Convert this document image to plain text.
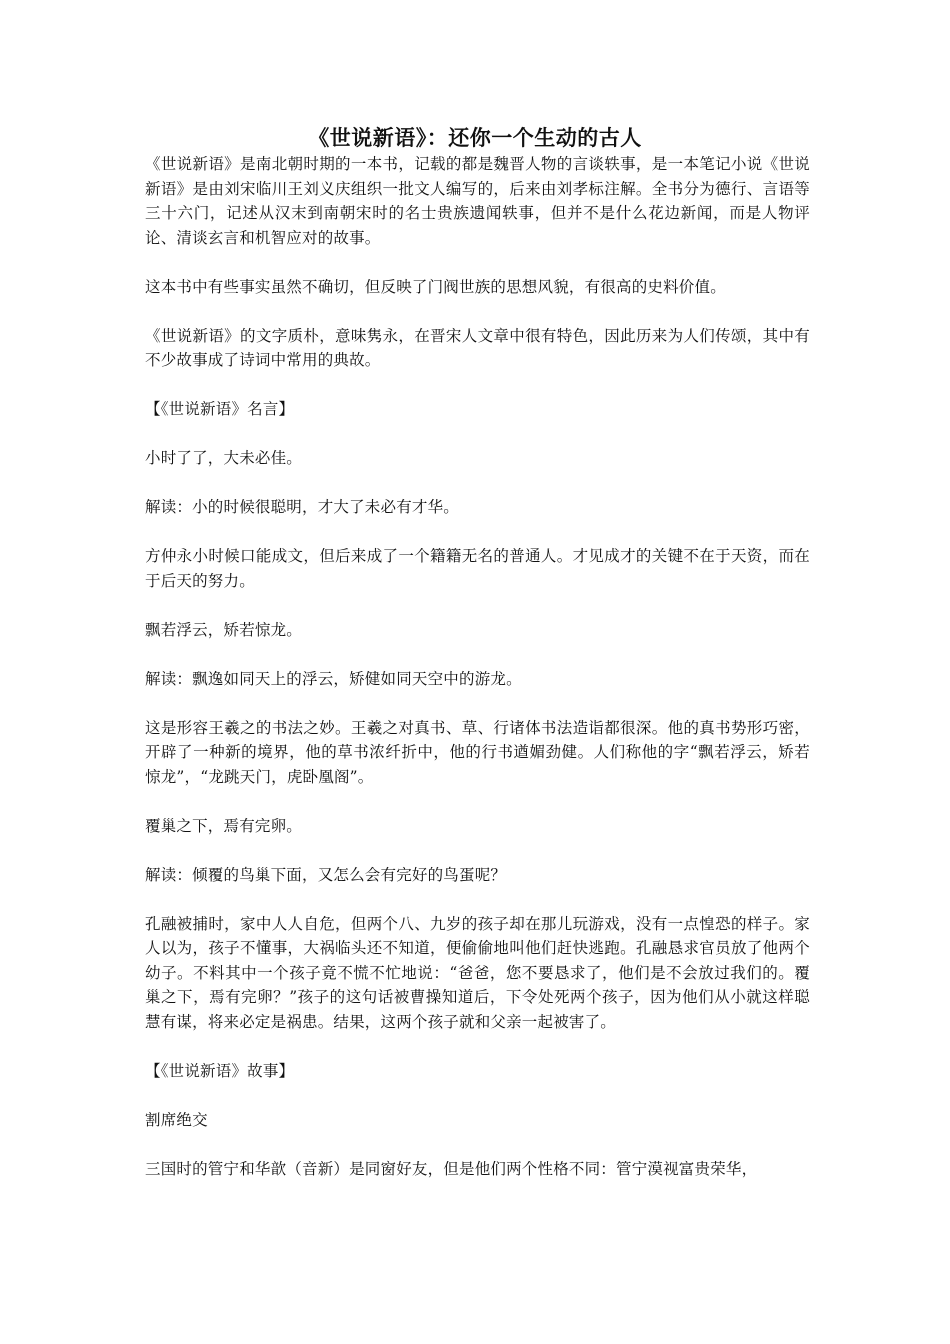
《世说新语》：还你一个生动的古人

《世说新语》是南北朝时期的一本书，记载的都是魏晋人物的言谈轶事，是一本笔记小说《世说新语》是由刘宋临川王刘义庆组织一批文人编写的，后来由刘孝标注解。全书分为德行、言语等三十六门，记述从汉末到南朝宋时的名士贵族遗闻轶事，但并不是什么花边新闻，而是人物评论、清谈玄言和机智应对的故事。

这本书中有些事实虽然不确切，但反映了门阀世族的思想风貌，有很高的史料价值。

《世说新语》的文字质朴，意味隽永，在晋宋人文章中很有特色，因此历来为人们传颂，其中有不少故事成了诗词中常用的典故。

【《世说新语》名言】

小时了了，大未必佳。

解读：小的时候很聪明，才大了未必有才华。

方仲永小时候口能成文，但后来成了一个籍籍无名的普通人。才见成才的关键不在于天资，而在于后天的努力。

飘若浮云，矫若惊龙。

解读：飘逸如同天上的浮云，矫健如同天空中的游龙。

这是形容王羲之的书法之妙。王羲之对真书、草、行诸体书法造诣都很深。他的真书势形巧密，开辟了一种新的境界，他的草书浓纤折中，他的行书遒媚劲健。人们称他的字“飘若浮云，矫若惊龙”，“龙跳天门，虎卧凰阁”。

覆巢之下，焉有完卵。

解读：倾覆的鸟巢下面，又怎么会有完好的鸟蛋呢？

孔融被捕时，家中人人自危，但两个八、九岁的孩子却在那儿玩游戏，没有一点惶恐的样子。家人以为，孩子不懂事，大祸临头还不知道，便偷偷地叫他们赶快逃跑。孔融恳求官员放了他两个幼子。不料其中一个孩子竟不慌不忙地说：“爸爸，您不要恳求了，他们是不会放过我们的。覆巢之下，焉有完卵？”孩子的这句话被曹操知道后，下令处死两个孩子，因为他们从小就这样聪慧有谋，将来必定是祸患。结果，这两个孩子就和父亲一起被害了。

【《世说新语》故事】

割席绝交

三国时的管宁和华歆（音新）是同窗好友，但是他们两个性格不同：管宁漠视富贵荣华，
